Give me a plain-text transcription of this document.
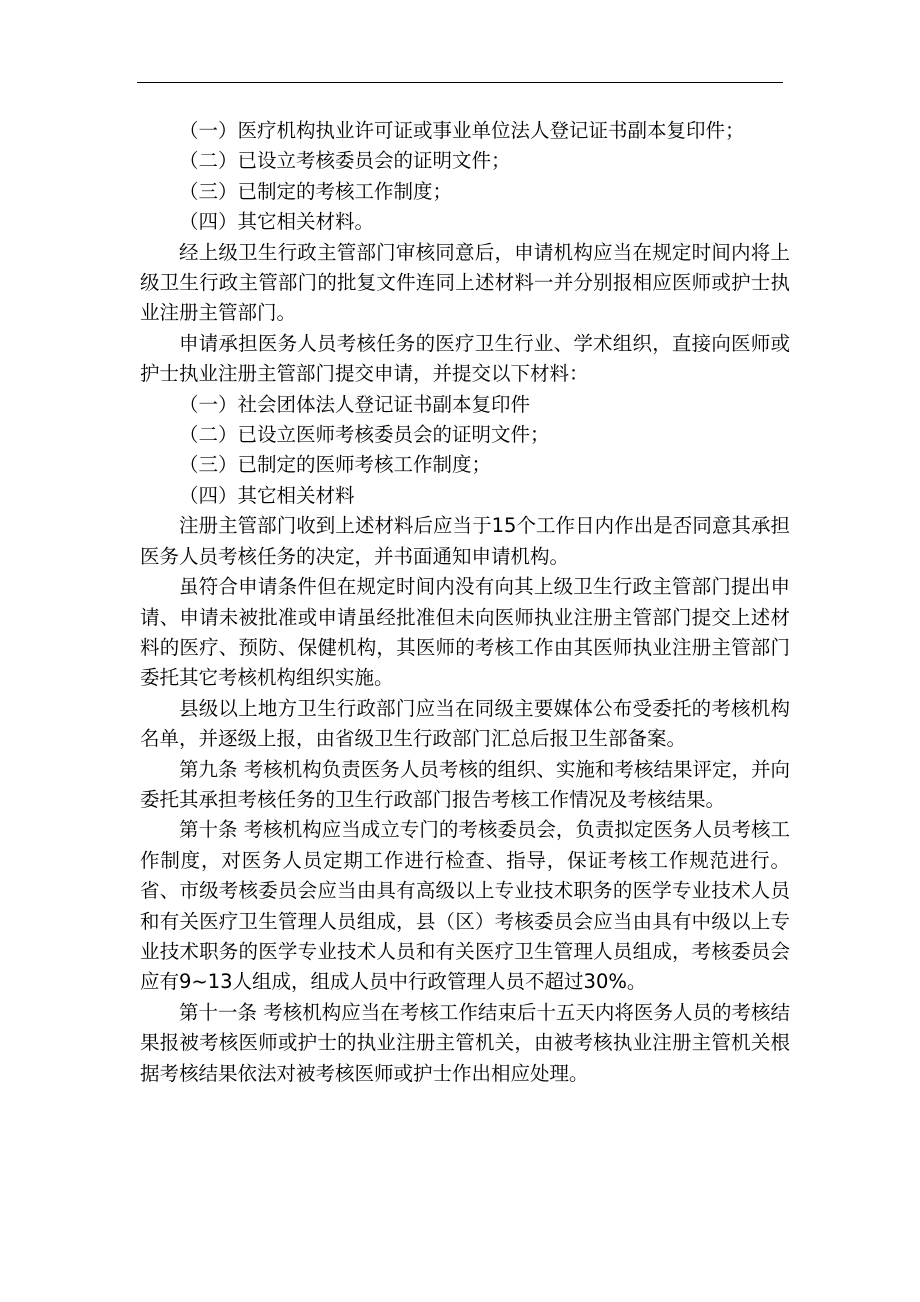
（一）医疗机构执业许可证或事业单位法人登记证书副本复印件；

（二）已设立考核委员会的证明文件；

（三）已制定的考核工作制度；

（四）其它相关材料。

经上级卫生行政主管部门审核同意后，申请机构应当在规定时间内将上级卫生行政主管部门的批复文件连同上述材料一并分别报相应医师或护士执业注册主管部门。

申请承担医务人员考核任务的医疗卫生行业、学术组织，直接向医师或护士执业注册主管部门提交申请，并提交以下材料：

（一）社会团体法人登记证书副本复印件

（二）已设立医师考核委员会的证明文件；

（三）已制定的医师考核工作制度；

（四）其它相关材料

注册主管部门收到上述材料后应当于15个工作日内作出是否同意其承担医务人员考核任务的决定，并书面通知申请机构。

虽符合申请条件但在规定时间内没有向其上级卫生行政主管部门提出申请、申请未被批准或申请虽经批准但未向医师执业注册主管部门提交上述材料的医疗、预防、保健机构，其医师的考核工作由其医师执业注册主管部门委托其它考核机构组织实施。

县级以上地方卫生行政部门应当在同级主要媒体公布受委托的考核机构名单，并逐级上报，由省级卫生行政部门汇总后报卫生部备案。

第九条 考核机构负责医务人员考核的组织、实施和考核结果评定，并向委托其承担考核任务的卫生行政部门报告考核工作情况及考核结果。

第十条 考核机构应当成立专门的考核委员会，负责拟定医务人员考核工作制度，对医务人员定期工作进行检查、指导，保证考核工作规范进行。省、市级考核委员会应当由具有高级以上专业技术职务的医学专业技术人员和有关医疗卫生管理人员组成，县（区）考核委员会应当由具有中级以上专业技术职务的医学专业技术人员和有关医疗卫生管理人员组成，考核委员会应有9~13人组成，组成人员中行政管理人员不超过30%。

第十一条 考核机构应当在考核工作结束后十五天内将医务人员的考核结果报被考核医师或护士的执业注册主管机关，由被考核执业注册主管机关根据考核结果依法对被考核医师或护士作出相应处理。
